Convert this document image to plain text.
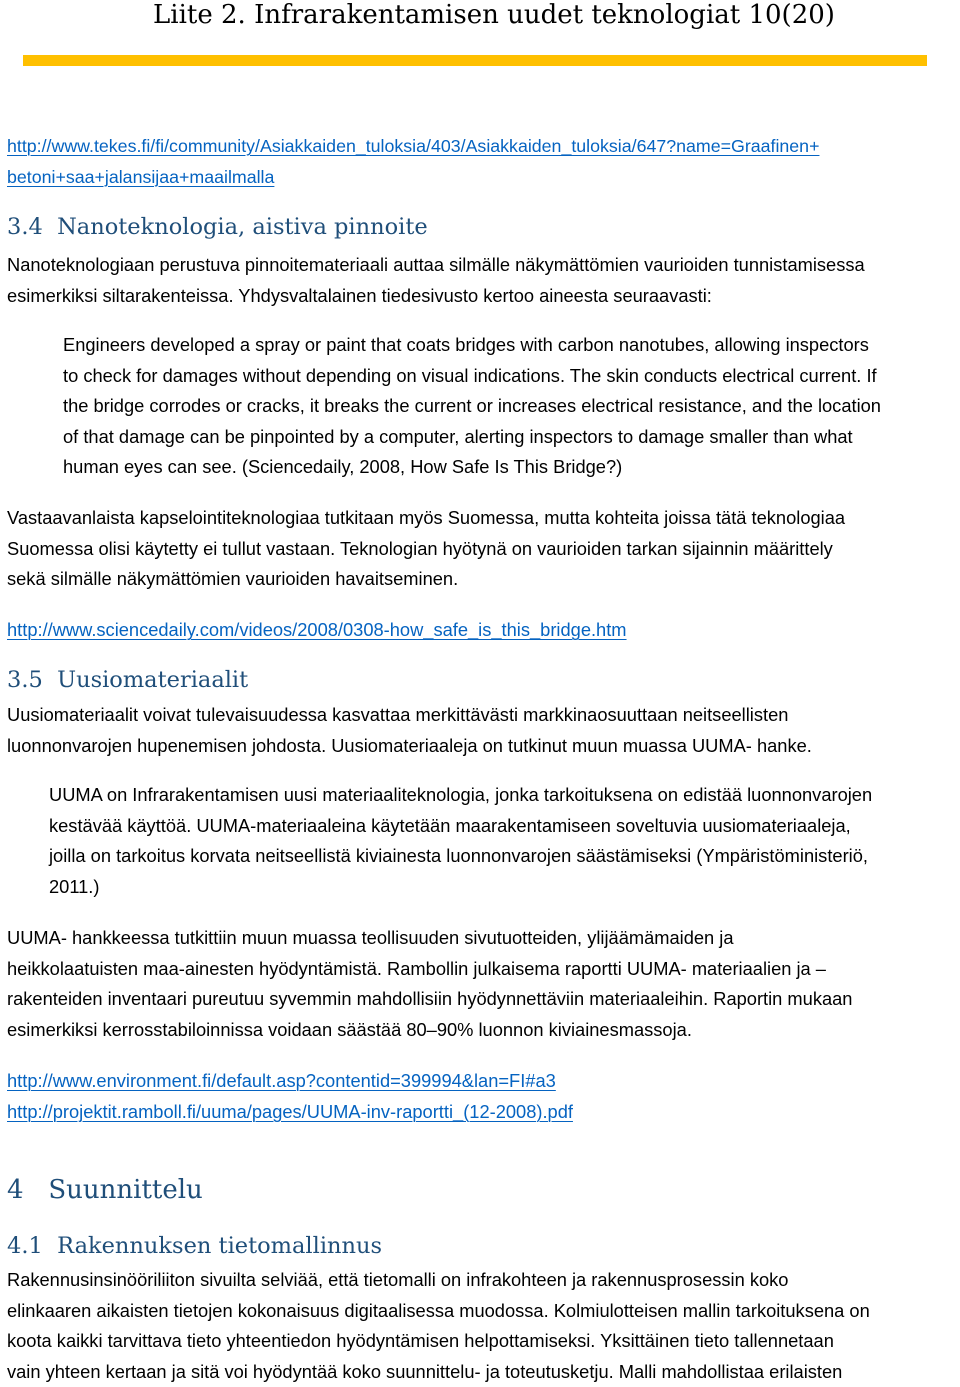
Liite 2. Infrarakentamisen uudet teknologiat 10(20)
http://www.tekes.fi/fi/community/Asiakkaiden_tuloksia/403/Asiakkaiden_tuloksia/647?name=Graafinen+
betoni+saa+jalansijaa+maailmalla
3.4 Nanoteknologia, aistiva pinnoite
Nanoteknologiaan perustuva pinnoitemateriaali auttaa silmälle näkymättömien vaurioiden tunnistamisessa
esimerkiksi siltarakenteissa. Yhdysvaltalainen tiedesivusto kertoo aineesta seuraavasti:
Engineers developed a spray or paint that coats bridges with carbon nanotubes, allowing inspectors
to check for damages without depending on visual indications. The skin conducts electrical current. If
the bridge corrodes or cracks, it breaks the current or increases electrical resistance, and the location
of that damage can be pinpointed by a computer, alerting inspectors to damage smaller than what
human eyes can see. (Sciencedaily, 2008, How Safe Is This Bridge?)
Vastaavanlaista kapselointiteknologiaa tutkitaan myös Suomessa, mutta kohteita joissa tätä teknologiaa
Suomessa olisi käytetty ei tullut vastaan. Teknologian hyötynä on vaurioiden tarkan sijainnin määrittely
sekä silmälle näkymättömien vaurioiden havaitseminen.
http://www.sciencedaily.com/videos/2008/0308-how_safe_is_this_bridge.htm
3.5 Uusiomateriaalit
Uusiomateriaalit voivat tulevaisuudessa kasvattaa merkittävästi markkinaosuuttaan neitseellisten
luonnonvarojen hupenemisen johdosta. Uusiomateriaaleja on tutkinut muun muassa UUMA- hanke.
UUMA on Infrarakentamisen uusi materiaaliteknologia, jonka tarkoituksena on edistää luonnonvarojen
kestävää käyttöä. UUMA-materiaaleina käytetään maarakentamiseen soveltuvia uusiomateriaaleja,
joilla on tarkoitus korvata neitseellistä kiviainesta luonnonvarojen säästämiseksi (Ympäristöministeriö,
2011.)
UUMA- hankkeessa tutkittiin muun muassa teollisuuden sivutuotteiden, ylijäämämaiden ja
heikkolaatuisten maa-ainesten hyödyntämistä. Rambollin julkaisema raportti UUMA- materiaalien ja –
rakenteiden inventaari pureutuu syvemmin mahdollisiin hyödynnettäviin materiaaleihin. Raportin mukaan
esimerkiksi kerrosstabiloinnissa voidaan säästää 80–90% luonnon kiviainesmassoja.
http://www.environment.fi/default.asp?contentid=399994&lan=FI#a3
http://projektit.ramboll.fi/uuma/pages/UUMA-inv-raportti_(12-2008).pdf
4 Suunnittelu
4.1 Rakennuksen tietomallinnus
Rakennusinsinööriliiton sivuilta selviää, että tietomalli on infrakohteen ja rakennusprosessin koko
elinkaaren aikaisten tietojen kokonaisuus digitaalisessa muodossa. Kolmiulotteisen mallin tarkoituksena on
koota kaikki tarvittava tieto yhteentiedon hyödyntämisen helpottamiseksi. Yksittäinen tieto tallennetaan
vain yhteen kertaan ja sitä voi hyödyntää koko suunnittelu- ja toteutusketju. Malli mahdollistaa erilaisten
